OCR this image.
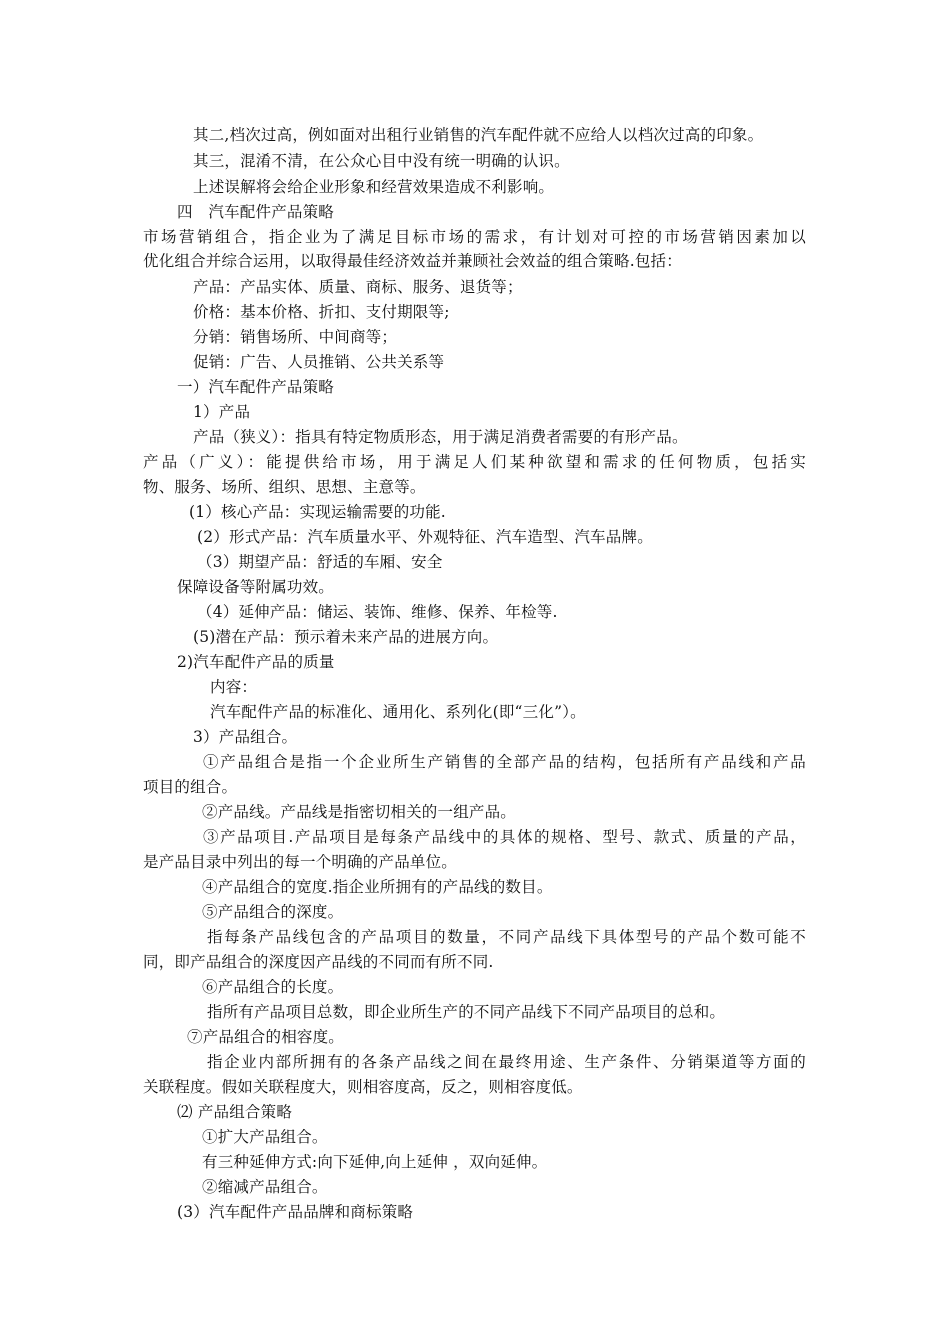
其二,档次过高，例如面对出租行业销售的汽车配件就不应给人以档次过高的印象。
其三，混淆不清，在公众心目中没有统一明确的认识。
上述误解将会给企业形象和经营效果造成不利影响。
四　汽车配件产品策略
市场营销组合，指企业为了满足目标市场的需求，有计划对可控的市场营销因素加以
优化组合并综合运用，以取得最佳经济效益并兼顾社会效益的组合策略.包括：
产品：产品实体、质量、商标、服务、退货等；
价格：基本价格、折扣、支付期限等;
分销：销售场所、中间商等；
促销：广告、人员推销、公共关系等
一）汽车配件产品策略
1）产品
产品（狭义）：指具有特定物质形态，用于满足消费者需要的有形产品。
产品（广义）：能提供给市场，用于满足人们某种欲望和需求的任何物质，包括实
物、服务、场所、组织、思想、主意等。
(1）核心产品：实现运输需要的功能.
(2）形式产品：汽车质量水平、外观特征、汽车造型、汽车品牌。
（3）期望产品：舒适的车厢、安全
保障设备等附属功效。
（4）延伸产品：储运、装饰、维修、保养、年检等.
(5)潜在产品：预示着未来产品的进展方向。
2)汽车配件产品的质量
内容：
汽车配件产品的标准化、通用化、系列化(即“三化”）。
3）产品组合。
①产品组合是指一个企业所生产销售的全部产品的结构，包括所有产品线和产品
项目的组合。
②产品线。产品线是指密切相关的一组产品。
③产品项目.产品项目是每条产品线中的具体的规格、型号、款式、质量的产品，
是产品目录中列出的每一个明确的产品单位。
④产品组合的宽度.指企业所拥有的产品线的数目。
⑤产品组合的深度。
指每条产品线包含的产品项目的数量，不同产品线下具体型号的产品个数可能不
同，即产品组合的深度因产品线的不同而有所不同.
⑥产品组合的长度。
指所有产品项目总数，即企业所生产的不同产品线下不同产品项目的总和。
⑦产品组合的相容度。
指企业内部所拥有的各条产品线之间在最终用途、生产条件、分销渠道等方面的
关联程度。假如关联程度大，则相容度高，反之，则相容度低。
⑵ 产品组合策略
①扩大产品组合。
有三种延伸方式:向下延伸,向上延伸 ，双向延伸。
②缩减产品组合。
(3）汽车配件产品品牌和商标策略
